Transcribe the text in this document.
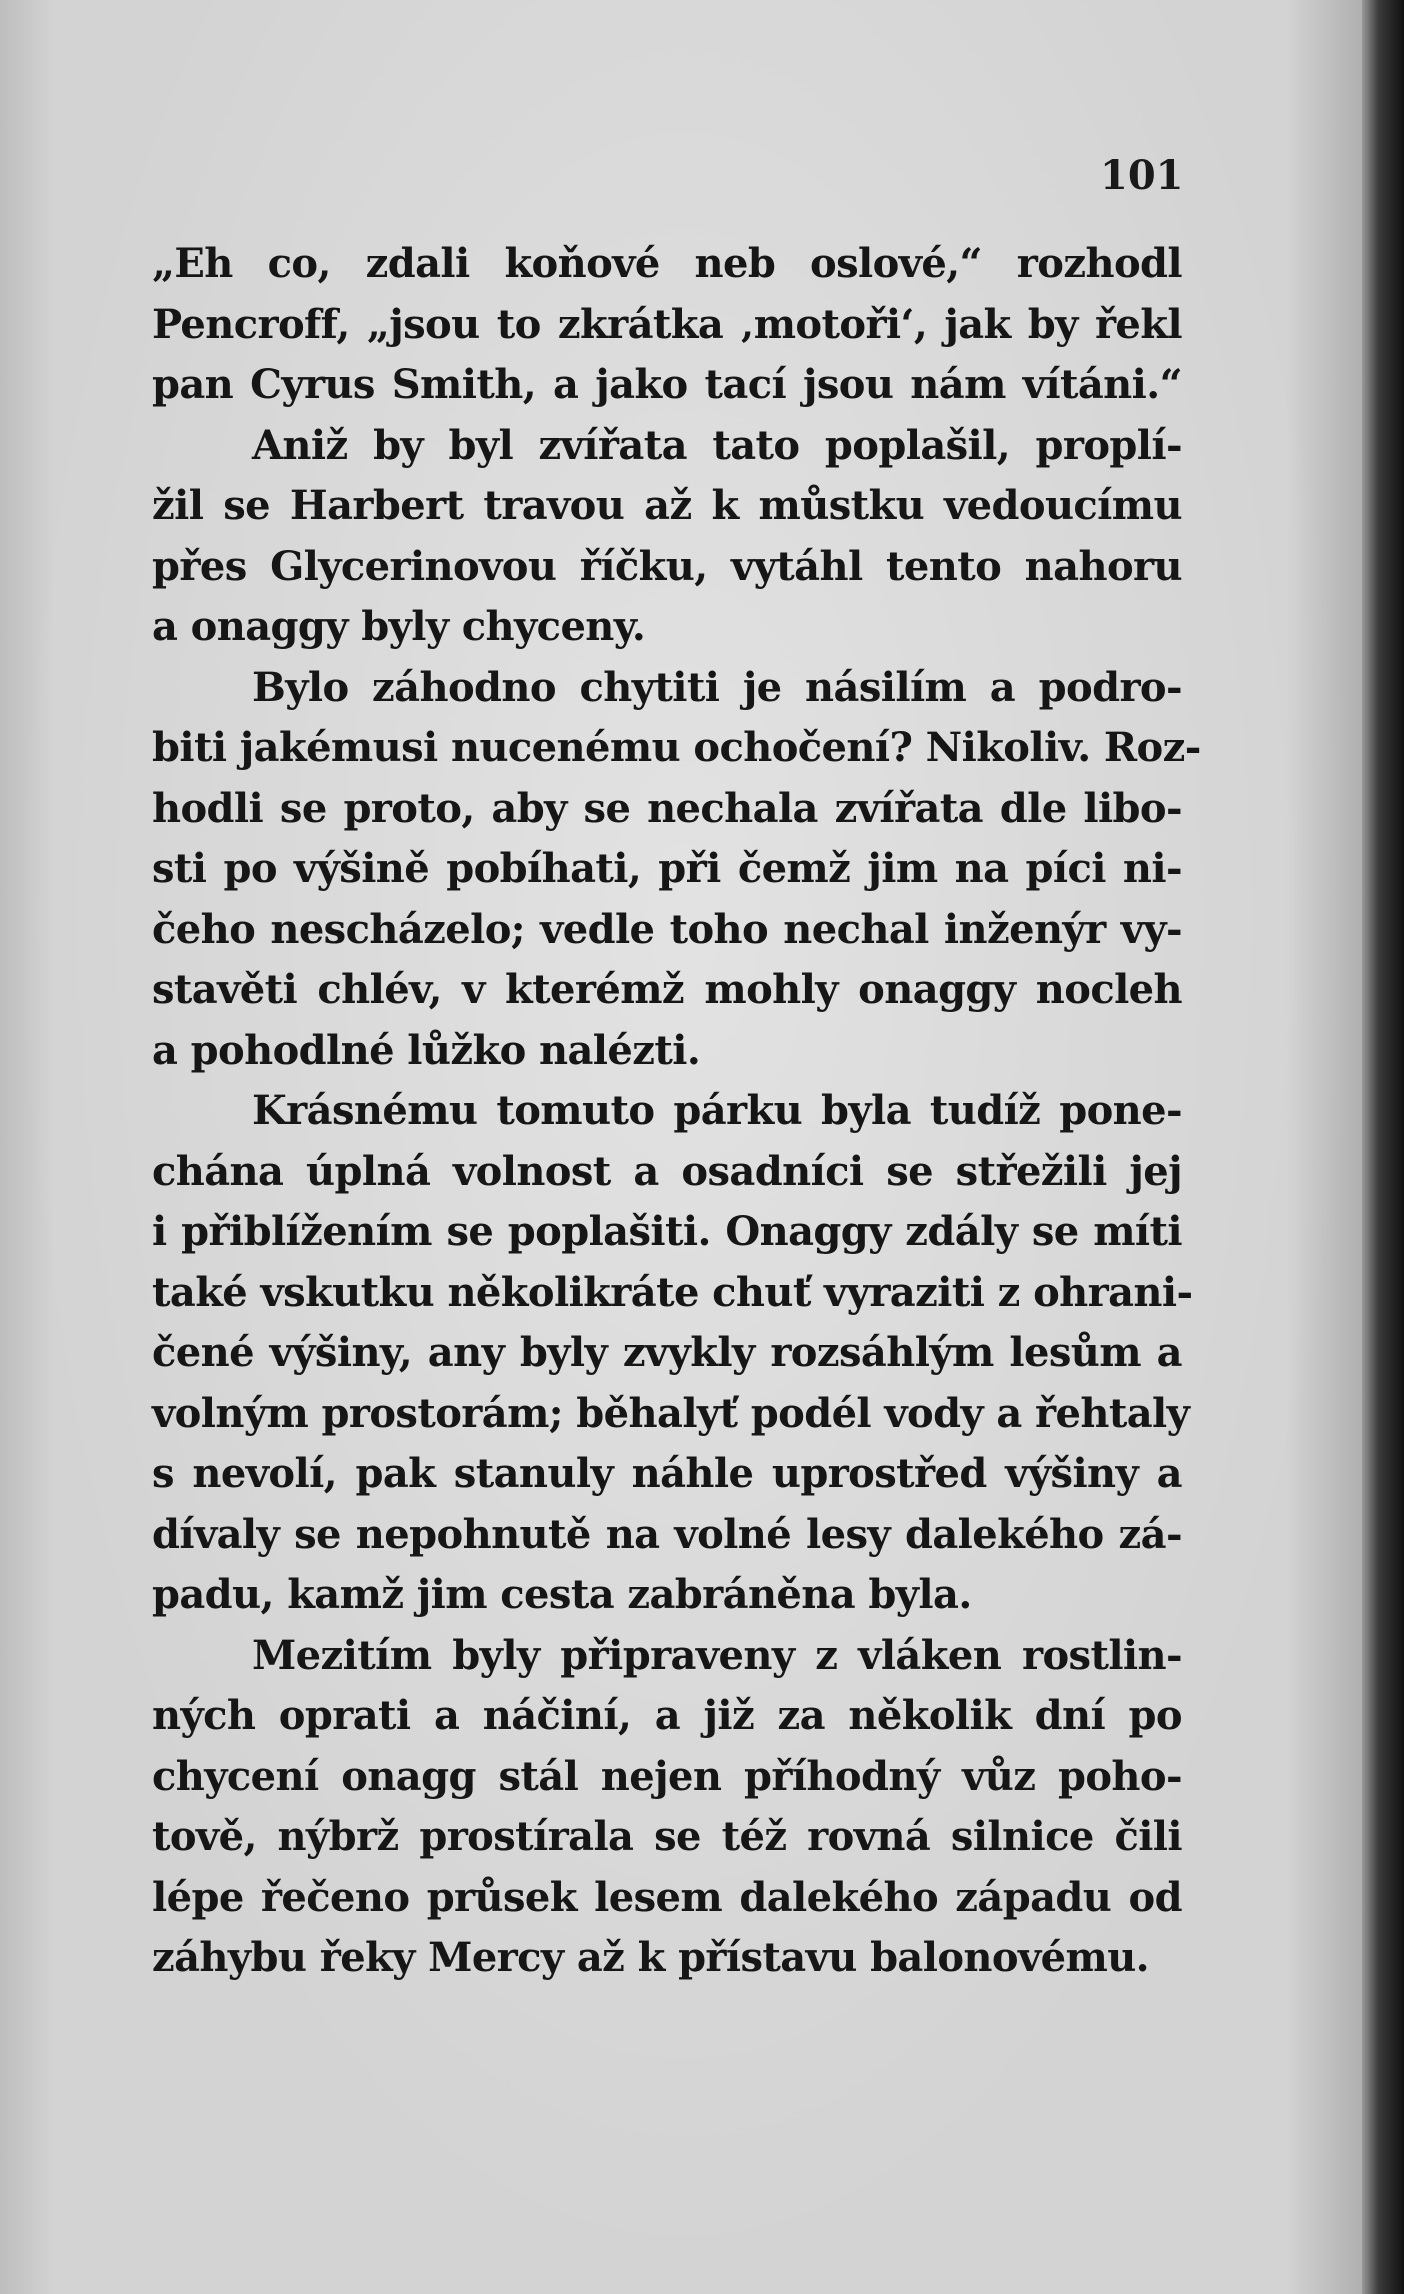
101
„Eh co, zdali koňové neb oslové,“ rozhodl
Pencroff, „jsou to zkrátka ‚motoři‘, jak by řekl
pan Cyrus Smith, a jako tací jsou nám vítáni.“
Aniž by byl zvířata tato poplašil, proplí-
žil se Harbert travou až k můstku vedoucímu
přes Glycerinovou říčku, vytáhl tento nahoru
a onaggy byly chyceny.
Bylo záhodno chytiti je násilím a podro-
biti jakémusi nucenému ochočení? Nikoliv. Roz-
hodli se proto, aby se nechala zvířata dle libo-
sti po výšině pobíhati, při čemž jim na píci ni-
čeho nescházelo; vedle toho nechal inženýr vy-
stavěti chlév, v kterémž mohly onaggy nocleh
a pohodlné lůžko nalézti.
Krásnému tomuto párku byla tudíž pone-
chána úplná volnost a osadníci se střežili jej
i přiblížením se poplašiti. Onaggy zdály se míti
také vskutku několikráte chuť vyraziti z ohrani-
čené výšiny, any byly zvykly rozsáhlým lesům a
volným prostorám; běhalyť podél vody a řehtaly
s nevolí, pak stanuly náhle uprostřed výšiny a
dívaly se nepohnutě na volné lesy dalekého zá-
padu, kamž jim cesta zabráněna byla.
Mezitím byly připraveny z vláken rostlin-
ných oprati a náčiní, a již za několik dní po
chycení onagg stál nejen příhodný vůz poho-
tově, nýbrž prostírala se též rovná silnice čili
lépe řečeno průsek lesem dalekého západu od
záhybu řeky Mercy až k přístavu balonovému.
